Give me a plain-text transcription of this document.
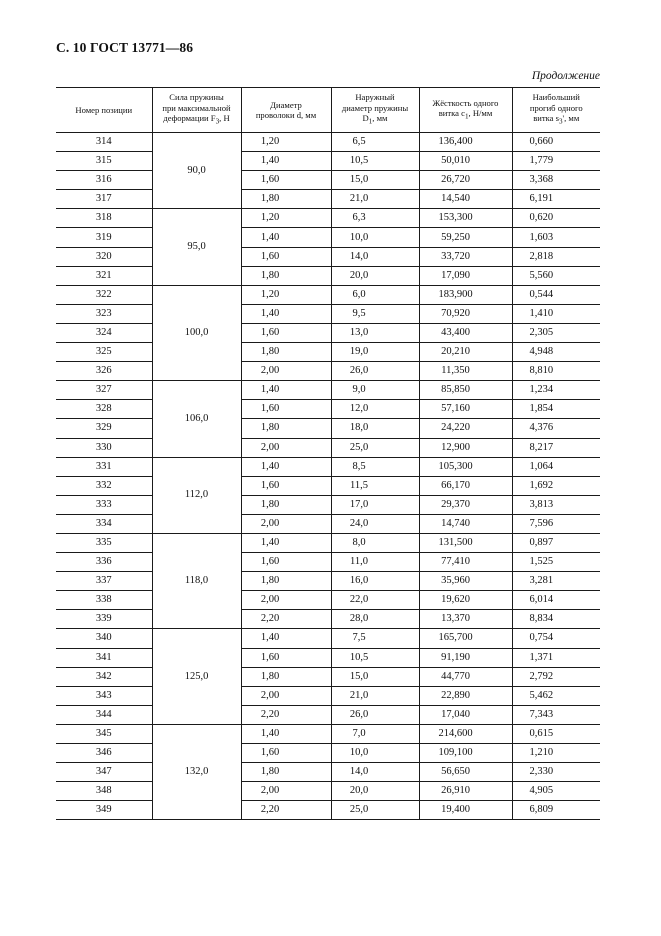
С. 10 ГОСТ 13771—86
Продолжение
Номер позиции	Сила пружины
при максимальной
деформации $F_3$, Н	Диаметр
проволоки d, мм	Наружный
диаметр пружины
$D_1$, мм	Жёсткость одного
витка $c_1$, Н/мм	Наибольший
прогиб одного
витка $s_3'$, мм
314	90,0	1,20	6,5	136,400	0,660
315		1,40	10,5	50,010	1,779
316		1,60	15,0	26,720	3,368
317		1,80	21,0	14,540	6,191
318	95,0	1,20	6,3	153,300	0,620
319		1,40	10,0	59,250	1,603
320		1,60	14,0	33,720	2,818
321		1,80	20,0	17,090	5,560
322	100,0	1,20	6,0	183,900	0,544
323		1,40	9,5	70,920	1,410
324		1,60	13,0	43,400	2,305
325		1,80	19,0	20,210	4,948
326		2,00	26,0	11,350	8,810
327	106,0	1,40	9,0	85,850	1,234
328		1,60	12,0	57,160	1,854
329		1,80	18,0	24,220	4,376
330		2,00	25,0	12,900	8,217
331	112,0	1,40	8,5	105,300	1,064
332		1,60	11,5	66,170	1,692
333		1,80	17,0	29,370	3,813
334		2,00	24,0	14,740	7,596
335	118,0	1,40	8,0	131,500	0,897
336		1,60	11,0	77,410	1,525
337		1,80	16,0	35,960	3,281
338		2,00	22,0	19,620	6,014
339		2,20	28,0	13,370	8,834
340	125,0	1,40	7,5	165,700	0,754
341		1,60	10,5	91,190	1,371
342		1,80	15,0	44,770	2,792
343		2,00	21,0	22,890	5,462
344		2,20	26,0	17,040	7,343
345	132,0	1,40	7,0	214,600	0,615
346		1,60	10,0	109,100	1,210
347		1,80	14,0	56,650	2,330
348		2,00	20,0	26,910	4,905
349		2,20	25,0	19,400	6,809
